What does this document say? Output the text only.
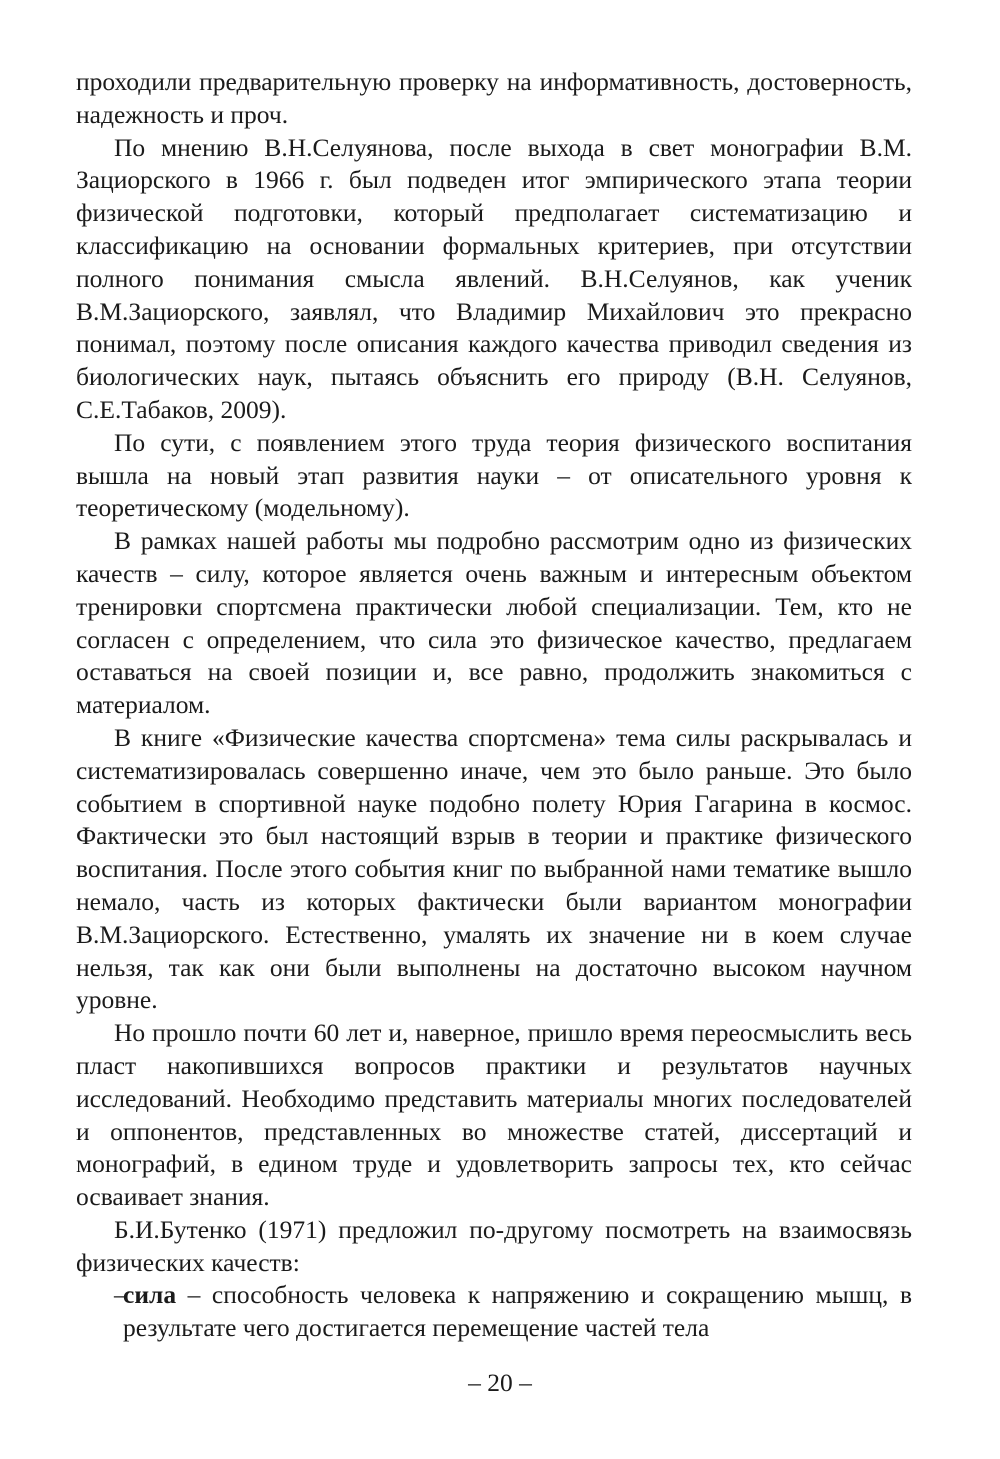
проходили предварительную проверку на информативность, достоверность, надежность и проч.

По мнению В.Н.Селуянова, после выхода в свет монографии В.М. Зациорского в 1966 г. был подведен итог эмпирического этапа теории физической подготовки, который предполагает систематизацию и классификацию на основании формальных критериев, при отсутствии полного понимания смысла явлений. В.Н.Селуянов, как ученик В.М.Зациорского, заявлял, что Владимир Михайлович это прекрасно понимал, поэтому после описания каждого качества приводил сведения из биологических наук, пытаясь объяснить его природу (В.Н. Селуянов, С.Е.Табаков, 2009).

По сути, с появлением этого труда теория физического воспитания вышла на новый этап развития науки – от описательного уровня к теоретическому (модельному).

В рамках нашей работы мы подробно рассмотрим одно из физических качеств – силу, которое является очень важным и интересным объектом тренировки спортсмена практически любой специализации. Тем, кто не согласен с определением, что сила это физическое качество, предлагаем оставаться на своей позиции и, все равно, продолжить знакомиться с материалом.

В книге «Физические качества спортсмена» тема силы раскрывалась и систематизировалась совершенно иначе, чем это было раньше. Это было событием в спортивной науке подобно полету Юрия Гагарина в космос. Фактически это был настоящий взрыв в теории и практике физического воспитания. После этого события книг по выбранной нами тематике вышло немало, часть из которых фактически были вариантом монографии В.М.Зациорского. Естественно, умалять их значение ни в коем случае нельзя, так как они были выполнены на достаточно высоком научном уровне.

Но прошло почти 60 лет и, наверное, пришло время переосмыслить весь пласт накопившихся вопросов практики и результатов научных исследований. Необходимо представить материалы многих последователей и оппонентов, представленных во множестве статей, диссертаций и монографий, в едином труде и удовлетворить запросы тех, кто сейчас осваивает знания.

Б.И.Бутенко (1971) предложил по-другому посмотреть на взаимосвязь физических качеств:

–
сила – способность человека к напряжению и сокращению мышц, в результате чего достигается перемещение частей тела

– 20 –
